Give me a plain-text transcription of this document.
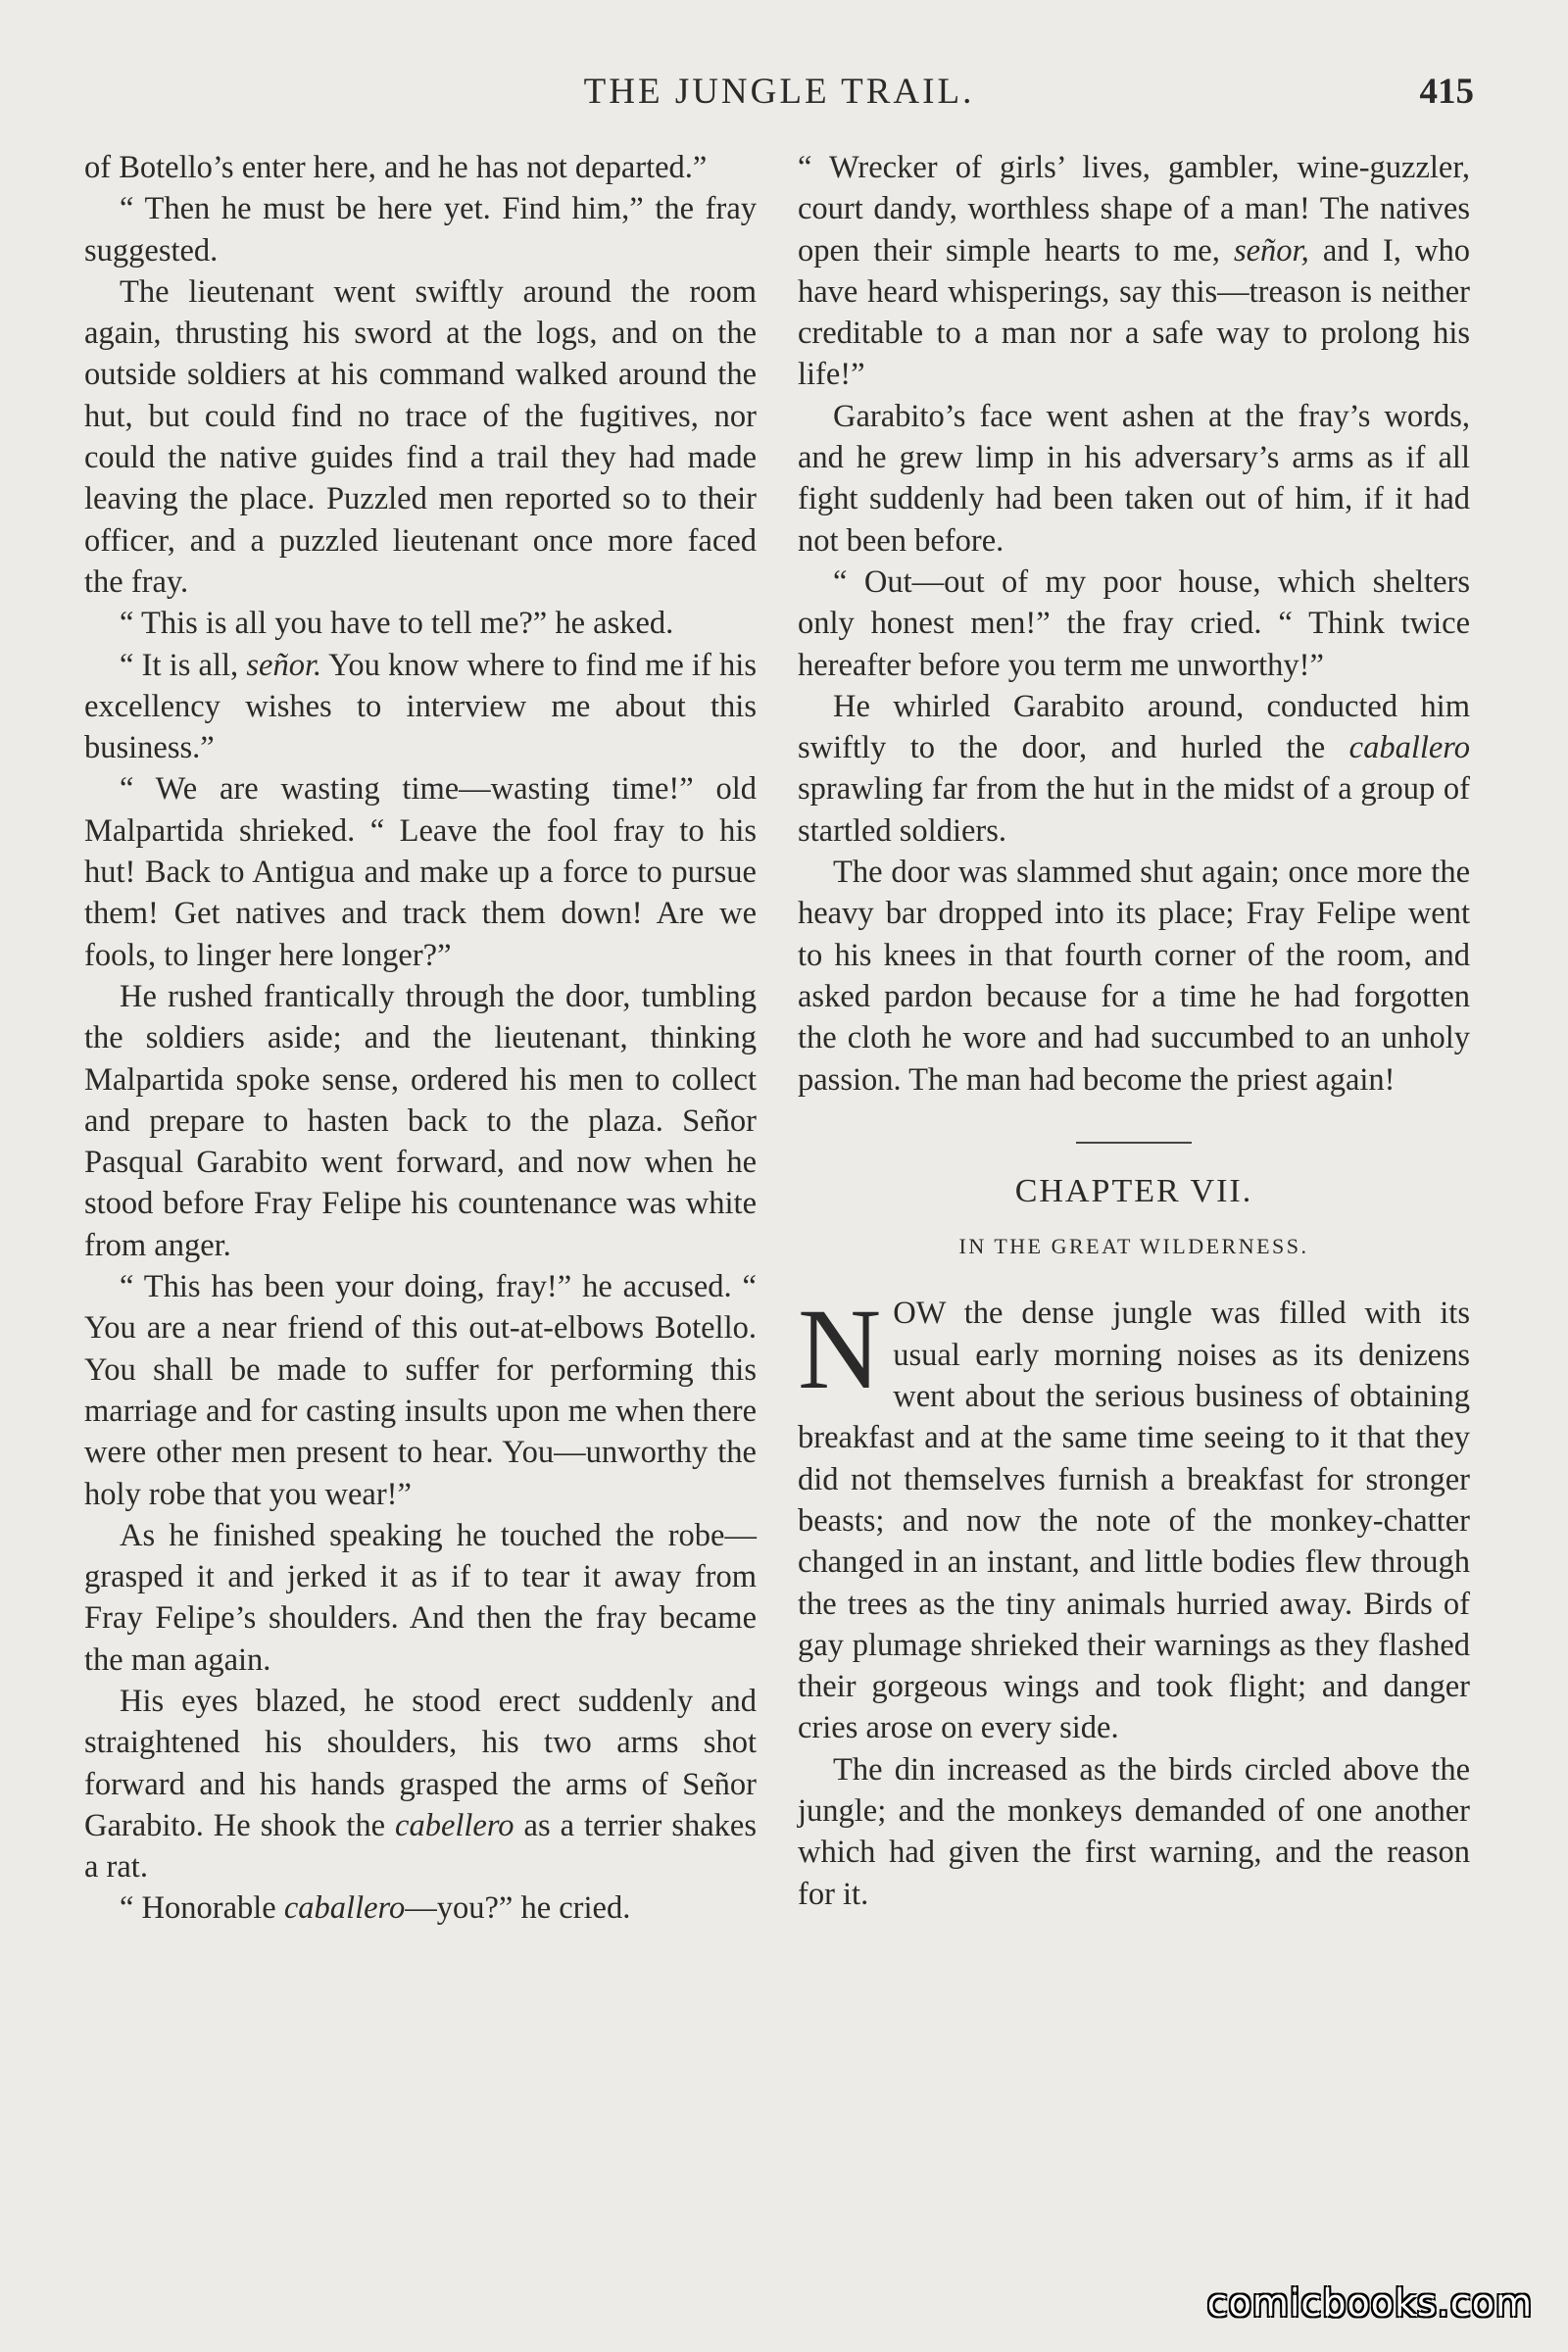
THE JUNGLE TRAIL.	415

of Botello’s enter here, and he has not departed.”

“ Then he must be here yet. Find him,” the fray suggested.

The lieutenant went swiftly around the room again, thrusting his sword at the logs, and on the outside soldiers at his command walked around the hut, but could find no trace of the fugitives, nor could the native guides find a trail they had made leaving the place. Puzzled men reported so to their officer, and a puzzled lieutenant once more faced the fray.

“ This is all you have to tell me?” he asked.

“ It is all, señor. You know where to find me if his excellency wishes to interview me about this business.”

“ We are wasting time—wasting time!” old Malpartida shrieked. “ Leave the fool fray to his hut! Back to Antigua and make up a force to pursue them! Get natives and track them down! Are we fools, to linger here longer?”

He rushed frantically through the door, tumbling the soldiers aside; and the lieutenant, thinking Malpartida spoke sense, ordered his men to collect and prepare to hasten back to the plaza. Señor Pasqual Garabito went forward, and now when he stood before Fray Felipe his countenance was white from anger.

“ This has been your doing, fray!” he accused. “ You are a near friend of this out-at-elbows Botello. You shall be made to suffer for performing this marriage and for casting insults upon me when there were other men present to hear. You—unworthy the holy robe that you wear!”

As he finished speaking he touched the robe—grasped it and jerked it as if to tear it away from Fray Felipe’s shoulders. And then the fray became the man again.

His eyes blazed, he stood erect suddenly and straightened his shoulders, his two arms shot forward and his hands grasped the arms of Señor Garabito. He shook the cabellero as a terrier shakes a rat.

“ Honorable caballero—you?” he cried.

“ Wrecker of girls’ lives, gambler, wine-guzzler, court dandy, worthless shape of a man! The natives open their simple hearts to me, señor, and I, who have heard whisperings, say this—treason is neither creditable to a man nor a safe way to prolong his life!”

Garabito’s face went ashen at the fray’s words, and he grew limp in his adversary’s arms as if all fight suddenly had been taken out of him, if it had not been before.

“ Out—out of my poor house, which shelters only honest men!” the fray cried. “ Think twice hereafter before you term me unworthy!”

He whirled Garabito around, conducted him swiftly to the door, and hurled the caballero sprawling far from the hut in the midst of a group of startled soldiers.

The door was slammed shut again; once more the heavy bar dropped into its place; Fray Felipe went to his knees in that fourth corner of the room, and asked pardon because for a time he had forgotten the cloth he wore and had succumbed to an unholy passion. The man had become the priest again!

CHAPTER VII.
IN THE GREAT WILDERNESS.

NOW the dense jungle was filled with its usual early morning noises as its denizens went about the serious business of obtaining breakfast and at the same time seeing to it that they did not themselves furnish a breakfast for stronger beasts; and now the note of the monkey-chatter changed in an instant, and little bodies flew through the trees as the tiny animals hurried away. Birds of gay plumage shrieked their warnings as they flashed their gorgeous wings and took flight; and danger cries arose on every side.

The din increased as the birds circled above the jungle; and the monkeys demanded of one another which had given the first warning, and the reason for it.

comicbooks.com
